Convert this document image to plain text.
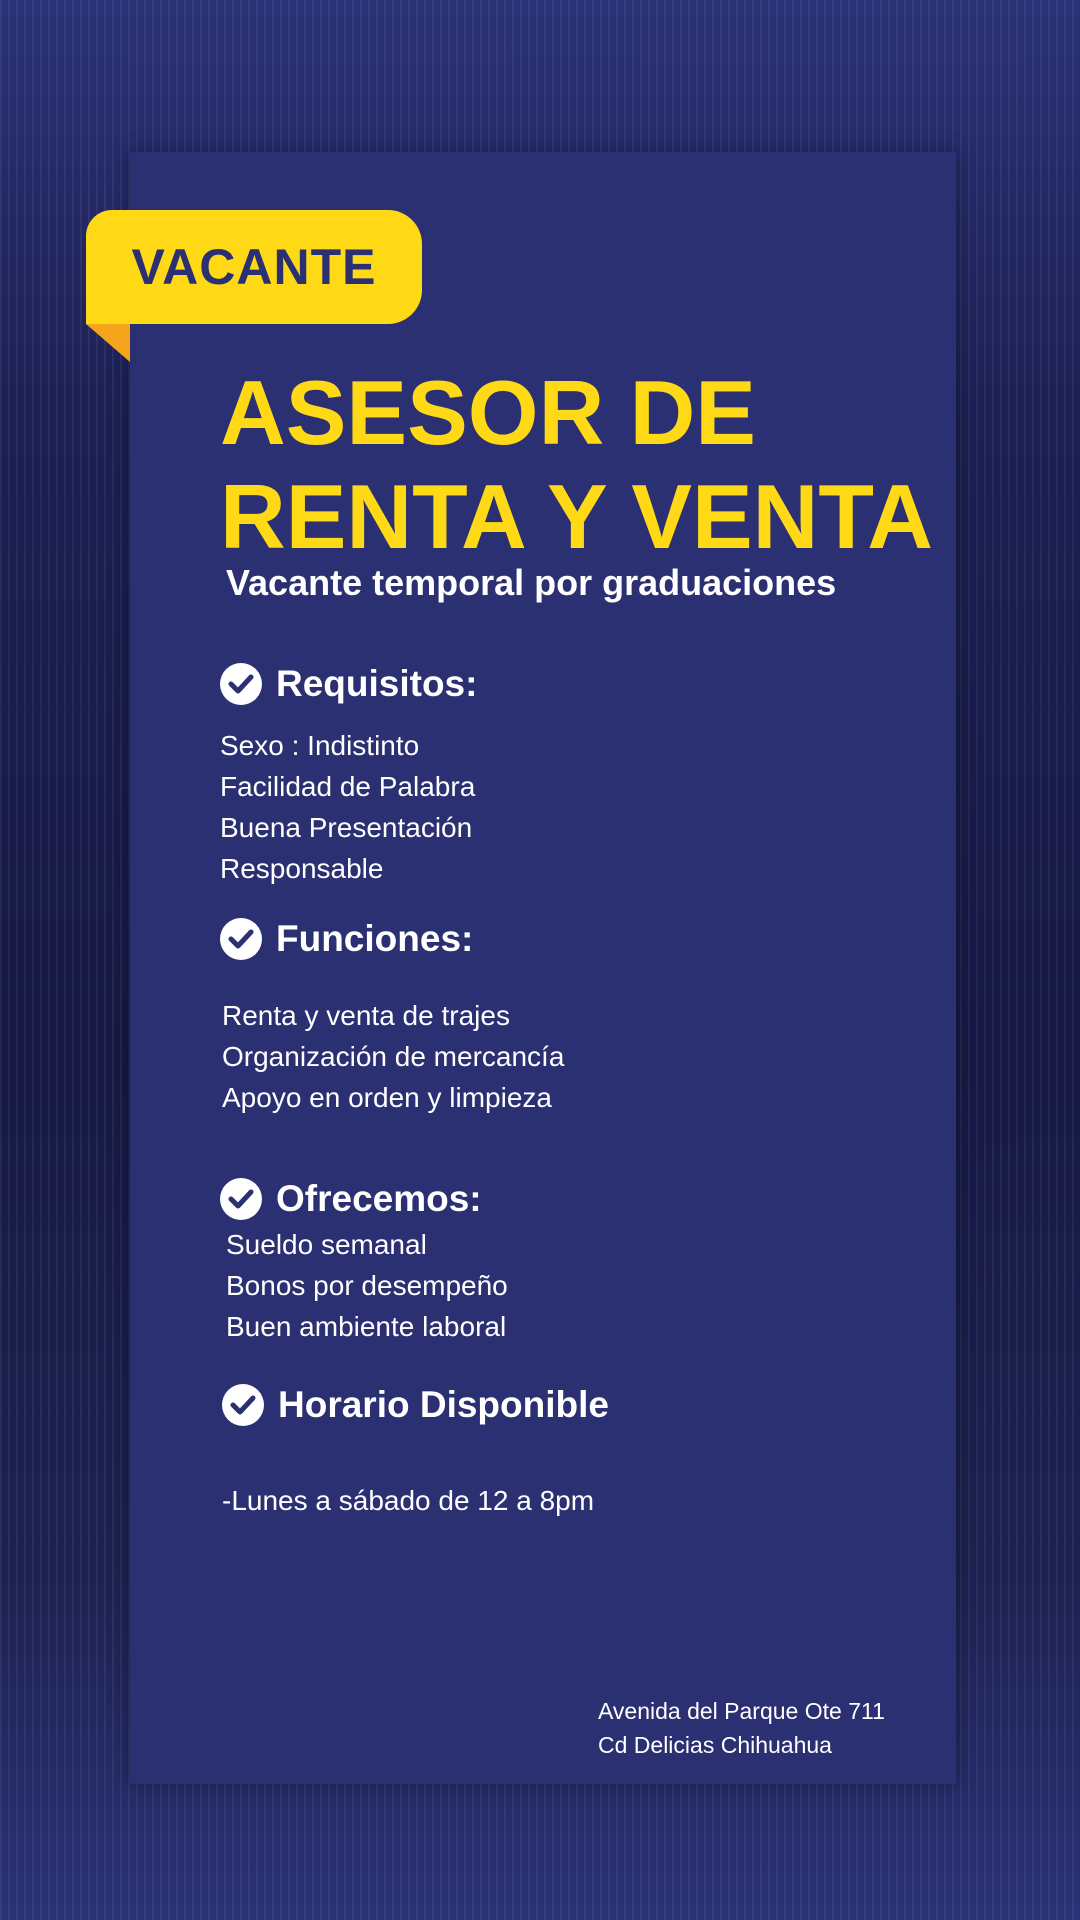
VACANTE
ASESOR DE
RENTA Y VENTA
Vacante temporal por graduaciones
Requisitos:
Sexo : Indistinto
Facilidad de Palabra
Buena Presentación
Responsable
Funciones:
Renta y venta de trajes
Organización de mercancía
Apoyo en orden y limpieza
Ofrecemos:
Sueldo semanal
Bonos por desempeño
Buen ambiente laboral
Horario Disponible
-Lunes a sábado de 12 a 8pm
Avenida del Parque Ote 711
Cd Delicias Chihuahua
